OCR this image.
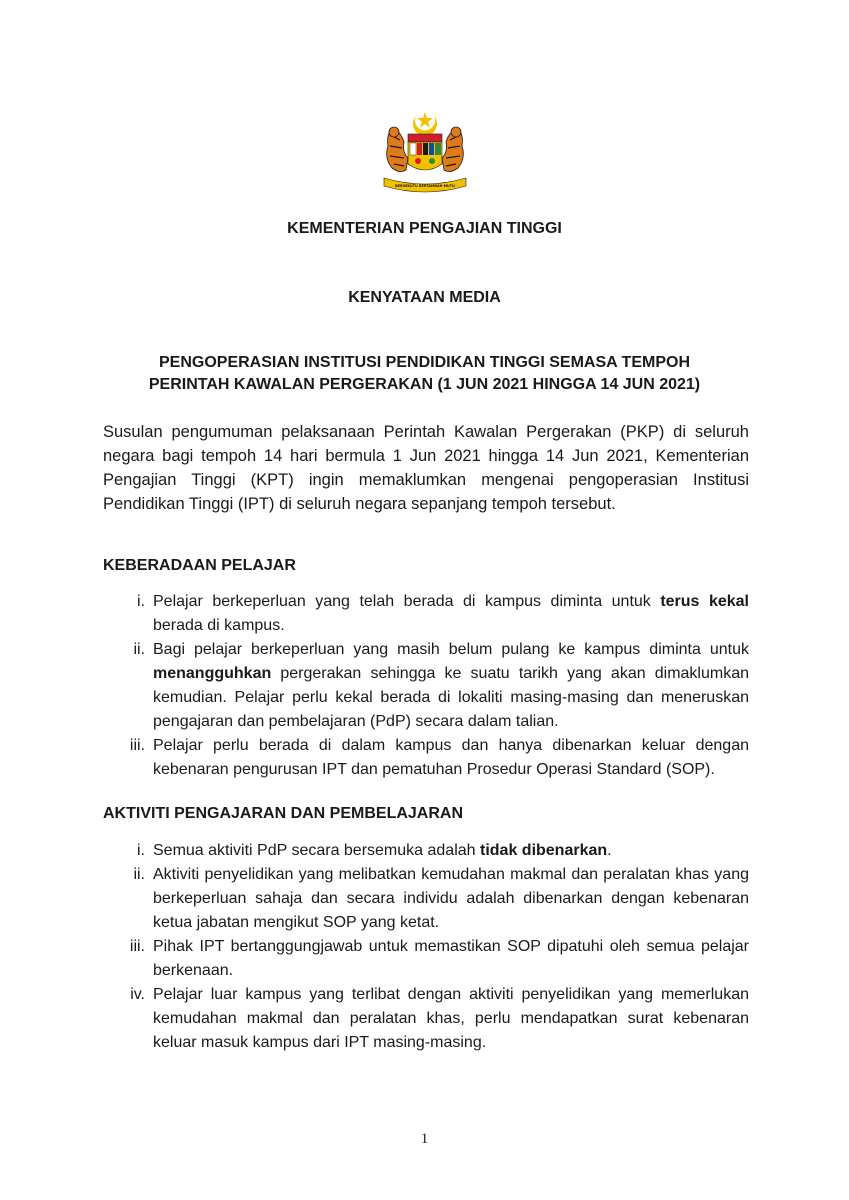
BERSEKUTU BERTAMBAH MUTU

KEMENTERIAN PENGAJIAN TINGGI

KENYATAAN MEDIA

PENGOPERASIAN INSTITUSI PENDIDIKAN TINGGI SEMASA TEMPOH
PERINTAH KAWALAN PERGERAKAN (1 JUN 2021 HINGGA 14 JUN 2021)

Susulan pengumuman pelaksanaan Perintah Kawalan Pergerakan (PKP) di seluruh negara bagi tempoh 14 hari bermula 1 Jun 2021 hingga 14 Jun 2021, Kementerian Pengajian Tinggi (KPT) ingin memaklumkan mengenai pengoperasian Institusi Pendidikan Tinggi (IPT) di seluruh negara sepanjang tempoh tersebut.

KEBERADAAN PELAJAR

i. Pelajar berkeperluan yang telah berada di kampus diminta untuk terus kekal berada di kampus.
ii. Bagi pelajar berkeperluan yang masih belum pulang ke kampus diminta untuk menangguhkan pergerakan sehingga ke suatu tarikh yang akan dimaklumkan kemudian. Pelajar perlu kekal berada di lokaliti masing-masing dan meneruskan pengajaran dan pembelajaran (PdP) secara dalam talian.
iii. Pelajar perlu berada di dalam kampus dan hanya dibenarkan keluar dengan kebenaran pengurusan IPT dan pematuhan Prosedur Operasi Standard (SOP).

AKTIVITI PENGAJARAN DAN PEMBELAJARAN

i. Semua aktiviti PdP secara bersemuka adalah tidak dibenarkan.
ii. Aktiviti penyelidikan yang melibatkan kemudahan makmal dan peralatan khas yang berkeperluan sahaja dan secara individu adalah dibenarkan dengan kebenaran ketua jabatan mengikut SOP yang ketat.
iii. Pihak IPT bertanggungjawab untuk memastikan SOP dipatuhi oleh semua pelajar berkenaan.
iv. Pelajar luar kampus yang terlibat dengan aktiviti penyelidikan yang memerlukan kemudahan makmal dan peralatan khas, perlu mendapatkan surat kebenaran keluar masuk kampus dari IPT masing-masing.

1
